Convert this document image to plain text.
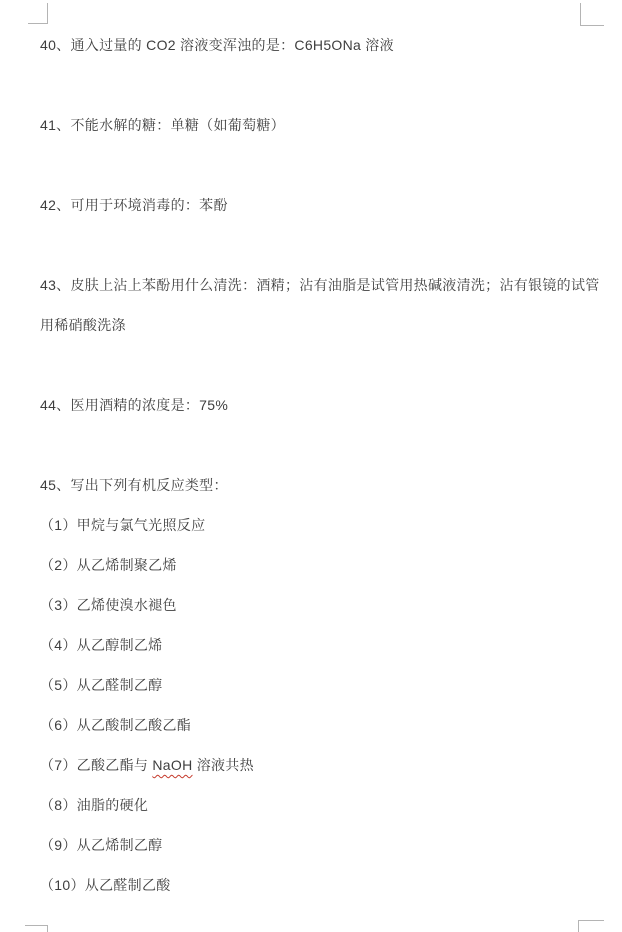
40、通入过量的 CO2 溶液变浑浊的是：C6H5ONa 溶液
41、不能水解的糖：单糖（如葡萄糖）
42、可用于环境消毒的：苯酚
43、皮肤上沾上苯酚用什么清洗：酒精；沾有油脂是试管用热碱液清洗；沾有银镜的试管
用稀硝酸洗涤
44、医用酒精的浓度是：75%
45、写出下列有机反应类型：
（1）甲烷与氯气光照反应
（2）从乙烯制聚乙烯
（3）乙烯使溴水褪色
（4）从乙醇制乙烯
（5）从乙醛制乙醇
（6）从乙酸制乙酸乙酯
（7）乙酸乙酯与 NaOH 溶液共热
（8）油脂的硬化
（9）从乙烯制乙醇
（10）从乙醛制乙酸
